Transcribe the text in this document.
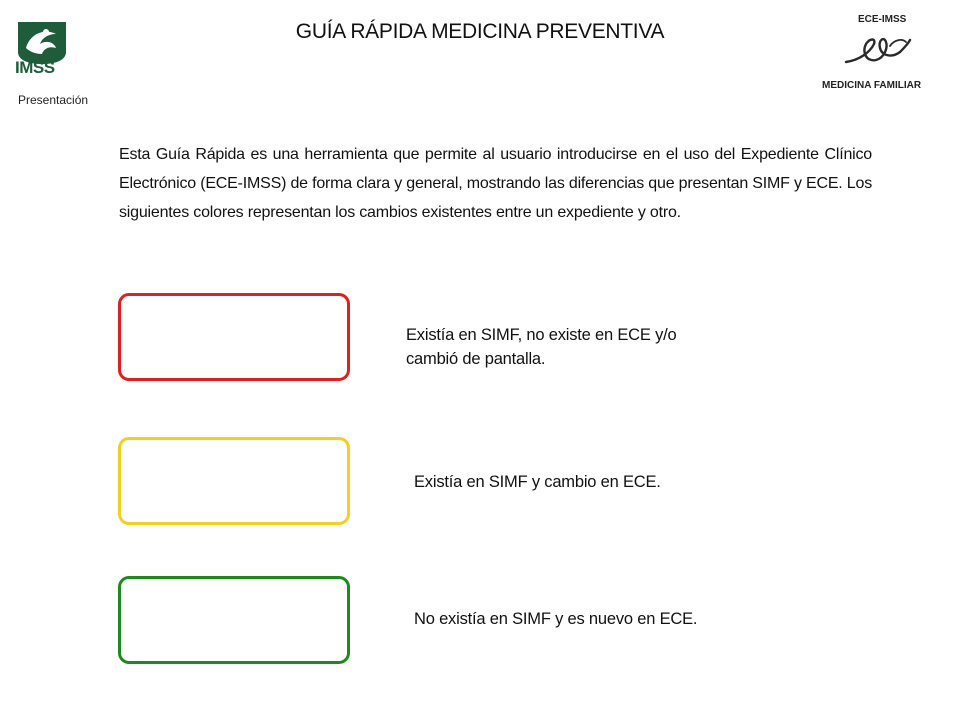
IMSS
Presentación
GUÍA RÁPIDA MEDICINA PREVENTIVA
ECE-IMSS
MEDICINA FAMILIAR
Esta Guía Rápida es una herramienta que permite al usuario introducirse en el uso del Expediente Clínico Electrónico (ECE-IMSS) de forma clara y general, mostrando las diferencias que presentan SIMF y ECE. Los siguientes colores representan los cambios existentes entre un expediente y otro.
Existía en SIMF, no existe en ECE y/o cambió de pantalla.
Existía en SIMF y cambio en ECE.
No existía en SIMF y es nuevo en ECE.
